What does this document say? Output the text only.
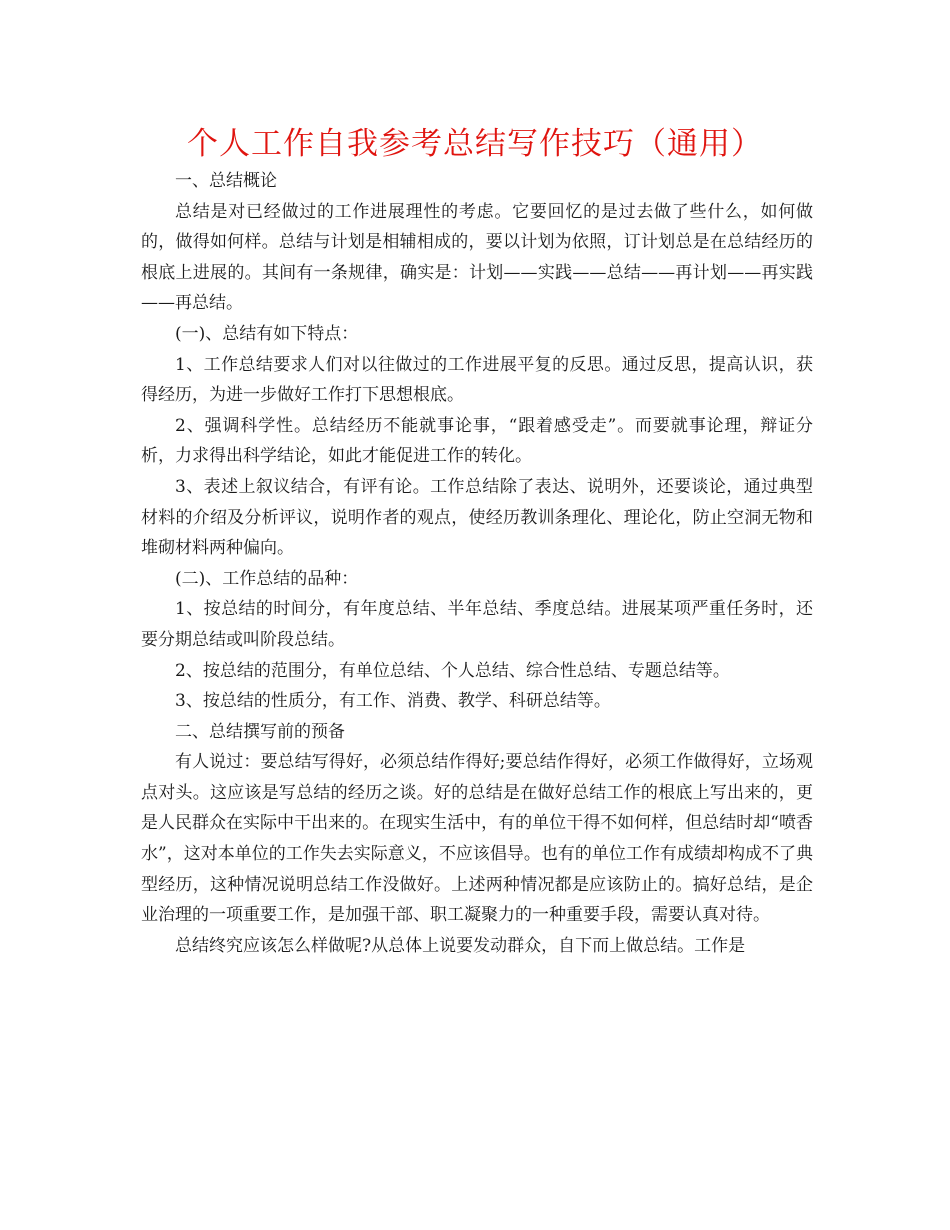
个人工作自我参考总结写作技巧（通用）

一、总结概论

总结是对已经做过的工作进展理性的考虑。它要回忆的是过去做了些什么，如何做的，做得如何样。总结与计划是相辅相成的，要以计划为依照，订计划总是在总结经历的根底上进展的。其间有一条规律，确实是：计划——实践——总结——再计划——再实践——再总结。

(一)、总结有如下特点：

1、工作总结要求人们对以往做过的工作进展平复的反思。通过反思，提高认识，获得经历，为进一步做好工作打下思想根底。

2、强调科学性。总结经历不能就事论事，“跟着感受走”。而要就事论理，辩证分析，力求得出科学结论，如此才能促进工作的转化。

3、表述上叙议结合，有评有论。工作总结除了表达、说明外，还要谈论，通过典型材料的介绍及分析评议，说明作者的观点，使经历教训条理化、理论化，防止空洞无物和堆砌材料两种偏向。

(二)、工作总结的品种：

1、按总结的时间分，有年度总结、半年总结、季度总结。进展某项严重任务时，还要分期总结或叫阶段总结。

2、按总结的范围分，有单位总结、个人总结、综合性总结、专题总结等。

3、按总结的性质分，有工作、消费、教学、科研总结等。

二、总结撰写前的预备

有人说过：要总结写得好，必须总结作得好;要总结作得好，必须工作做得好，立场观点对头。这应该是写总结的经历之谈。好的总结是在做好总结工作的根底上写出来的，更是人民群众在实际中干出来的。在现实生活中，有的单位干得不如何样，但总结时却“喷香水”，这对本单位的工作失去实际意义，不应该倡导。也有的单位工作有成绩却构成不了典型经历，这种情况说明总结工作没做好。上述两种情况都是应该防止的。搞好总结，是企业治理的一项重要工作，是加强干部、职工凝聚力的一种重要手段，需要认真对待。

总结终究应该怎么样做呢?从总体上说要发动群众，自下而上做总结。工作是
